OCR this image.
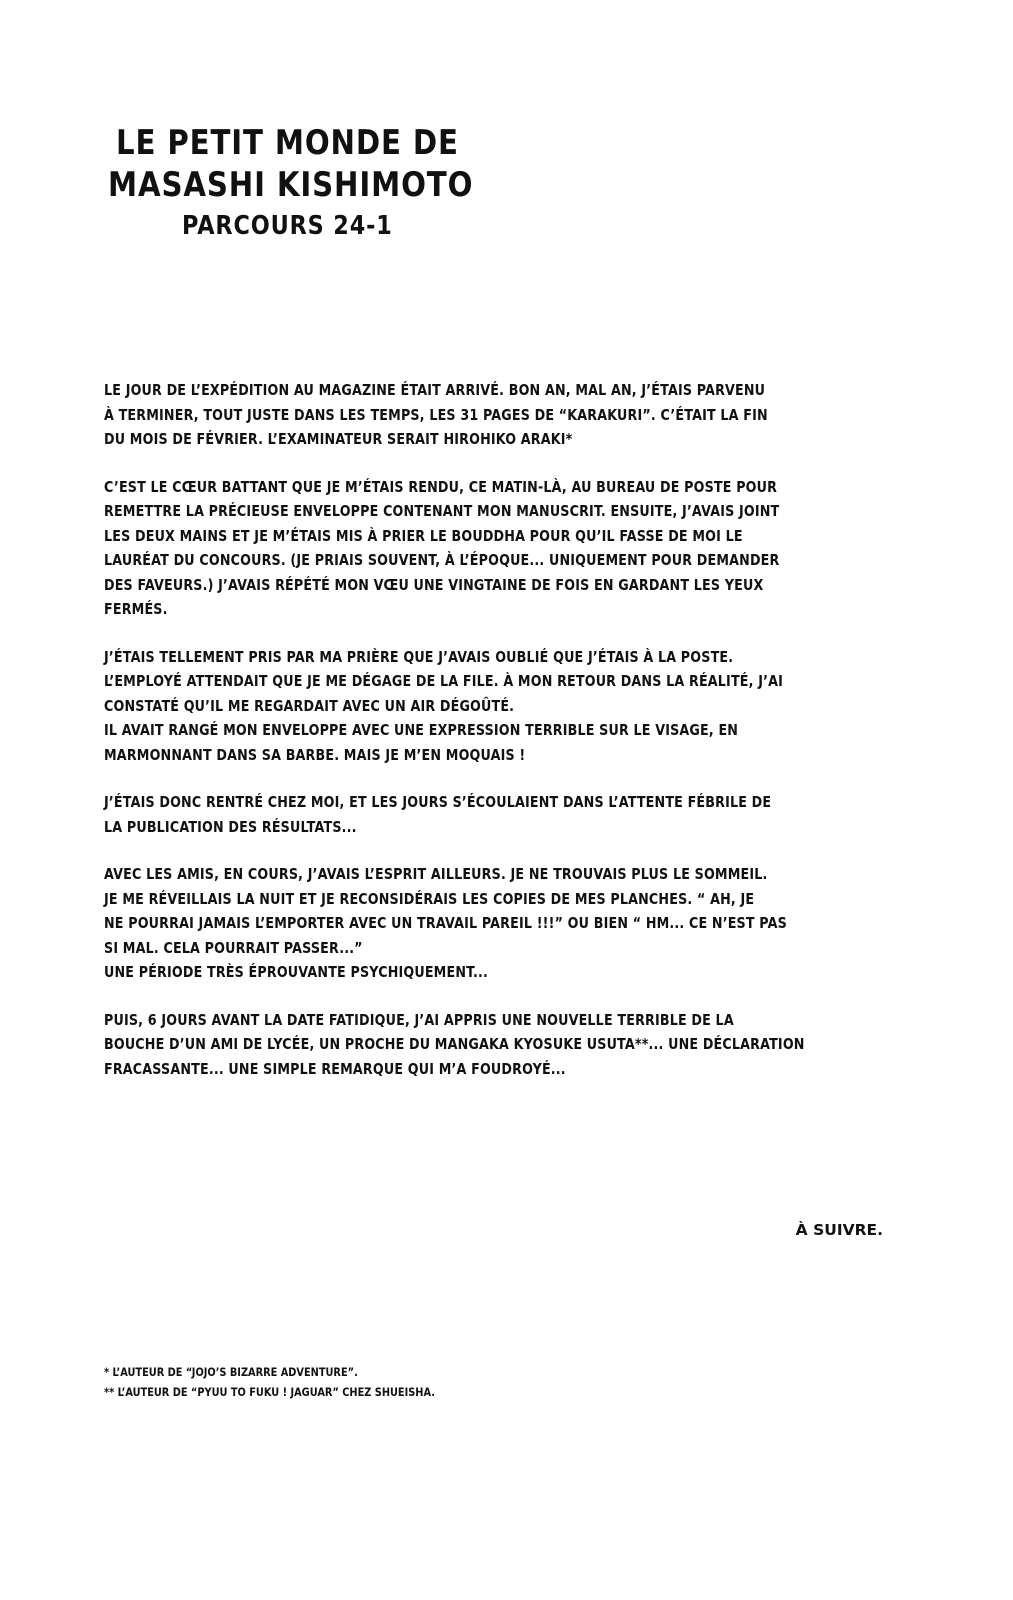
LE PETIT MONDE DE
MASASHI KISHIMOTO
PARCOURS 24-1
LE JOUR DE L’EXPÉDITION AU MAGAZINE ÉTAIT ARRIVÉ. BON AN, MAL AN, J’ÉTAIS PARVENU
À TERMINER, TOUT JUSTE DANS LES TEMPS, LES 31 PAGES DE “KARAKURI”. C’ÉTAIT LA FIN
DU MOIS DE FÉVRIER. L’EXAMINATEUR SERAIT HIROHIKO ARAKI*
C’EST LE CŒUR BATTANT QUE JE M’ÉTAIS RENDU, CE MATIN-LÀ, AU BUREAU DE POSTE POUR
REMETTRE LA PRÉCIEUSE ENVELOPPE CONTENANT MON MANUSCRIT. ENSUITE, J’AVAIS JOINT
LES DEUX MAINS ET JE M’ÉTAIS MIS À PRIER LE BOUDDHA POUR QU’IL FASSE DE MOI LE
LAURÉAT DU CONCOURS. (JE PRIAIS SOUVENT, À L’ÉPOQUE... UNIQUEMENT POUR DEMANDER
DES FAVEURS.) J’AVAIS RÉPÉTÉ MON VŒU UNE VINGTAINE DE FOIS EN GARDANT LES YEUX
FERMÉS.
J’ÉTAIS TELLEMENT PRIS PAR MA PRIÈRE QUE J’AVAIS OUBLIÉ QUE J’ÉTAIS À LA POSTE.
L’EMPLOYÉ ATTENDAIT QUE JE ME DÉGAGE DE LA FILE. À MON RETOUR DANS LA RÉALITÉ, J’AI
CONSTATÉ QU’IL ME REGARDAIT AVEC UN AIR DÉGOÛTÉ.
IL AVAIT RANGÉ MON ENVELOPPE AVEC UNE EXPRESSION TERRIBLE SUR LE VISAGE, EN
MARMONNANT DANS SA BARBE. MAIS JE M’EN MOQUAIS !
J’ÉTAIS DONC RENTRÉ CHEZ MOI, ET LES JOURS S’ÉCOULAIENT DANS L’ATTENTE FÉBRILE DE
LA PUBLICATION DES RÉSULTATS...
AVEC LES AMIS, EN COURS, J’AVAIS L’ESPRIT AILLEURS. JE NE TROUVAIS PLUS LE SOMMEIL.
JE ME RÉVEILLAIS LA NUIT ET JE RECONSIDÉRAIS LES COPIES DE MES PLANCHES. “ AH, JE
NE POURRAI JAMAIS L’EMPORTER AVEC UN TRAVAIL PAREIL !!!” OU BIEN “ HM... CE N’EST PAS
SI MAL. CELA POURRAIT PASSER...”
UNE PÉRIODE TRÈS ÉPROUVANTE PSYCHIQUEMENT...
PUIS, 6 JOURS AVANT LA DATE FATIDIQUE, J’AI APPRIS UNE NOUVELLE TERRIBLE DE LA
BOUCHE D’UN AMI DE LYCÉE, UN PROCHE DU MANGAKA KYOSUKE USUTA**... UNE DÉCLARATION
FRACASSANTE... UNE SIMPLE REMARQUE QUI M’A FOUDROYÉ...
À SUIVRE.
* L’AUTEUR DE “JOJO’S BIZARRE ADVENTURE”.
** L’AUTEUR DE “PYUU TO FUKU ! JAGUAR” CHEZ SHUEISHA.
